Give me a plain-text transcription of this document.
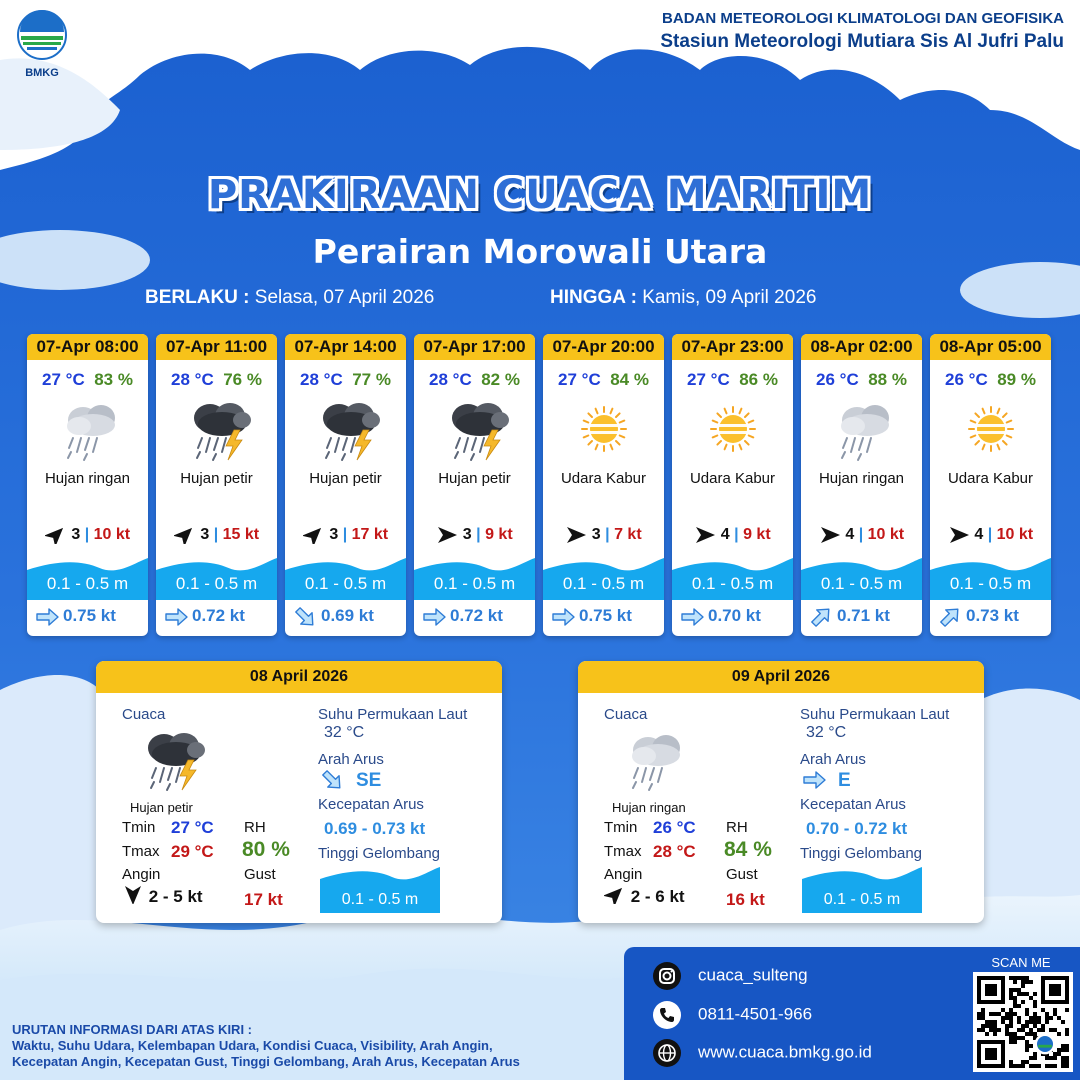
BMKG
BADAN METEOROLOGI KLIMATOLOGI DAN GEOFISIKA
Stasiun Meteorologi Mutiara Sis Al Jufri Palu
PRAKIRAAN CUACA MARITIM
Perairan Morowali Utara
BERLAKU : Selasa, 07 April 2026	HINGGA : Kamis, 09 April 2026
07-Apr 08:00
27 °C 83 %
Hujan ringan
3 | 10 kt
0.1 - 0.5 m
0.75 kt
07-Apr 11:00
28 °C 76 %
Hujan petir
3 | 15 kt
0.1 - 0.5 m
0.72 kt
07-Apr 14:00
28 °C 77 %
Hujan petir
3 | 17 kt
0.1 - 0.5 m
0.69 kt
07-Apr 17:00
28 °C 82 %
Hujan petir
3 | 9 kt
0.1 - 0.5 m
0.72 kt
07-Apr 20:00
27 °C 84 %
Udara Kabur
3 | 7 kt
0.1 - 0.5 m
0.75 kt
07-Apr 23:00
27 °C 86 %
Udara Kabur
4 | 9 kt
0.1 - 0.5 m
0.70 kt
08-Apr 02:00
26 °C 88 %
Hujan ringan
4 | 10 kt
0.1 - 0.5 m
0.71 kt
08-Apr 05:00
26 °C 89 %
Udara Kabur
4 | 10 kt
0.1 - 0.5 m
0.73 kt
08 April 2026
Cuaca
Hujan petir
Tmin 27 °C
Tmax 29 °C
Angin
2 - 5 kt
RH
80 %
Gust
17 kt
Suhu Permukaan Laut
32 °C
Arah Arus
SE
Kecepatan Arus
0.69 - 0.73 kt
Tinggi Gelombang
0.1 - 0.5 m
09 April 2026
Cuaca
Hujan ringan
Tmin 26 °C
Tmax 28 °C
Angin
2 - 6 kt
RH
84 %
Gust
16 kt
Suhu Permukaan Laut
32 °C
Arah Arus
E
Kecepatan Arus
0.70 - 0.72 kt
Tinggi Gelombang
0.1 - 0.5 m
cuaca_sulteng
0811-4501-966
www.cuaca.bmkg.go.id
SCAN ME
URUTAN INFORMASI DARI ATAS KIRI :
Waktu, Suhu Udara, Kelembapan Udara, Kondisi Cuaca, Visibility, Arah Angin,
Kecepatan Angin, Kecepatan Gust, Tinggi Gelombang, Arah Arus, Kecepatan Arus
